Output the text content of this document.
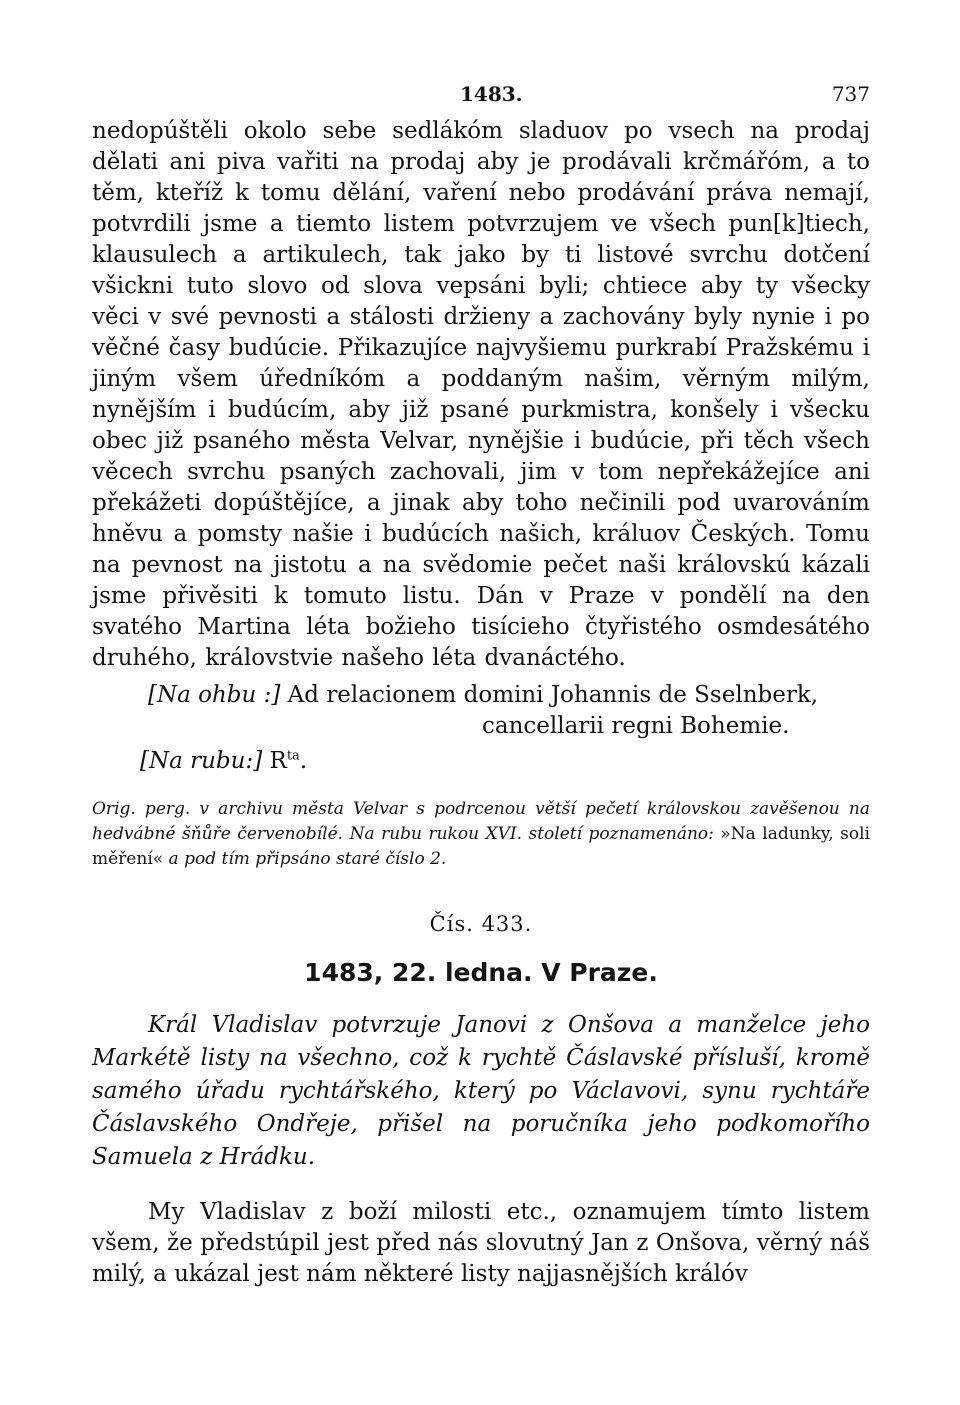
1483.	737

nedopúštěli okolo sebe sedlákóm sladuov po vsech na prodaj dělati ani piva vařiti na prodaj aby je prodávali krčmářóm, a to těm, kteříž k tomu dělání, vaření nebo prodávání práva nemají, potvrdili jsme a tiemto listem potvrzujem ve všech pun[k]tiech, klausulech a artikulech, tak jako by ti listové svrchu dotčení všickni tuto slovo od slova vepsáni byli; chtiece aby ty všecky věci v své pevnosti a stálosti držieny a zachovány byly nynie i po věčné časy budúcie. Přikazujíce najvyšiemu purkrabí Pražskému i jiným všem úředníkóm a poddaným našim, věrným milým, nynějším i budúcím, aby již psané purkmistra, konšely i všecku obec již psaného města Velvar, nynějšie i budúcie, při těch všech věcech svrchu psaných zachovali, jim v tom nepřekážejíce ani překážeti dopúštějíce, a jinak aby toho nečinili pod uvarováním hněvu a pomsty našie i budúcích našich, králuov Českých. Tomu na pevnost na jistotu a na svědomie pečet naši královskú kázali jsme přivěsiti k tomuto listu. Dán v Praze v pondělí na den svatého Martina léta božieho tisícieho čtyřistého osmdesátého druhého, královstvie našeho léta dvanáctého.

[Na ohbu :] Ad relacionem domini Johannis de Sselnberk,
cancellarii regni Bohemie.
[Na rubu:] $R^{ta}$.

Orig. perg. v archivu města Velvar s podrcenou větší pečetí královskou zavěšenou na hedvábné šňůře červenobílé. Na rubu rukou XVI. století poznamenáno: »Na ladunky, soli měření« a pod tím připsáno staré číslo 2.

Čís. 433.
1483, 22. ledna. V Praze.

Král Vladislav potvrzuje Janovi z Onšova a manželce jeho Markétě listy na všechno, což k rychtě Čáslavské přísluší, kromě samého úřadu rychtářského, který po Václavovi, synu rychtáře Čáslavského Ondřeje, přišel na poručníka jeho podkomořího Samuela z Hrádku.

My Vladislav z boží milosti etc., oznamujem tímto listem všem, že předstúpil jest před nás slovutný Jan z Onšova, věrný náš milý, a ukázal jest nám některé listy najjasnějších králóv
